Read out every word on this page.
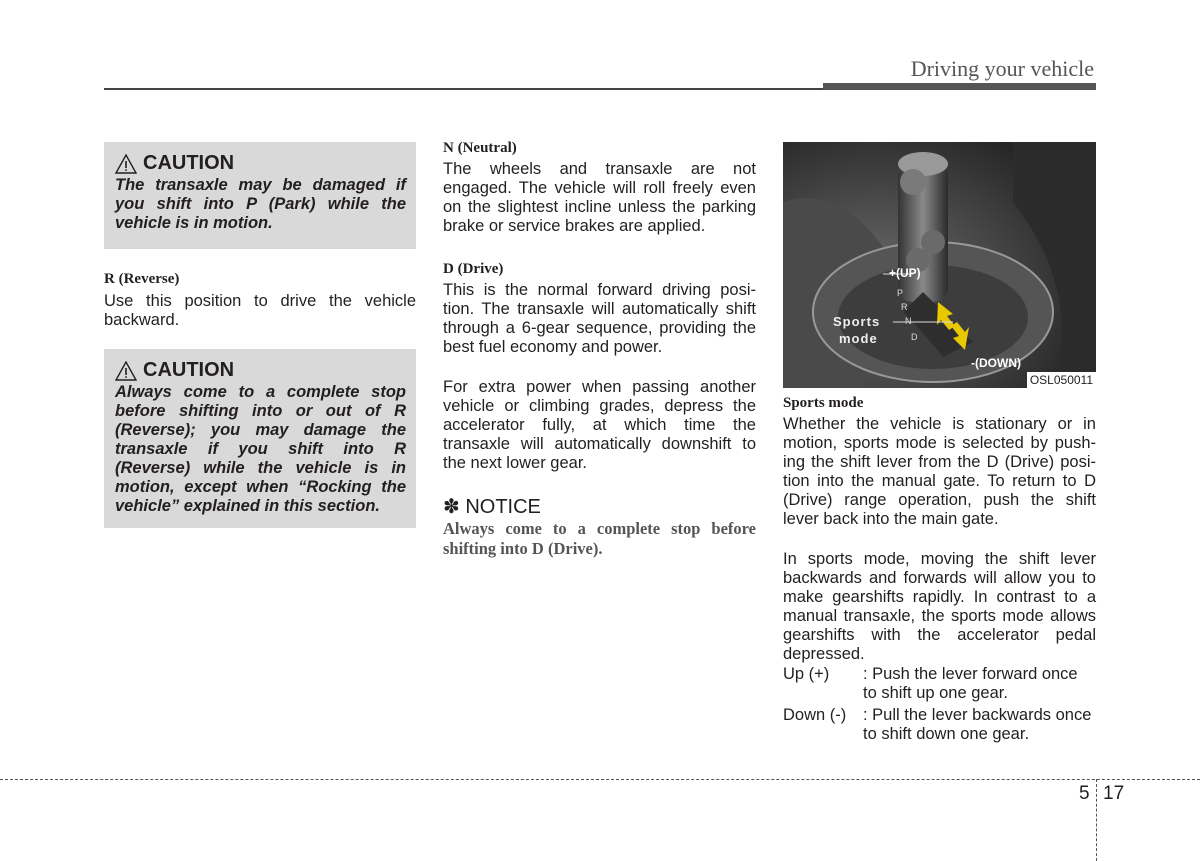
Driving your vehicle
CAUTION
The transaxle may be damaged if you shift into P (Park) while the vehicle is in motion.
R (Reverse)
Use this position to drive the vehicle backward.
CAUTION
Always come to a complete stop before shifting into or out of R (Reverse); you may damage the transaxle if you shift into R (Reverse) while the vehicle is in motion, except when “Rocking the vehicle” explained in this section.
N (Neutral)
The wheels and transaxle are not engaged. The vehicle will roll freely even on the slightest incline unless the parking brake or service brakes are applied.
D (Drive)
This is the normal forward driving posi-tion. The transaxle will automatically shift through a 6-gear sequence, providing the best fuel economy and power.
For extra power when passing another vehicle or climbing grades, depress the accelerator fully, at which time the transaxle will automatically downshift to the next lower gear.
✽ NOTICE
Always come to a complete stop before shifting into D (Drive).
+(UP)
-(DOWN)
Sports
mode
P
R
N
D
OSL050011
Sports mode
Whether the vehicle is stationary or in motion, sports mode is selected by push-ing the shift lever from the D (Drive) posi-tion into the manual gate. To return to D (Drive) range operation, push the shift lever back into the main gate.
In sports mode, moving the shift lever backwards and forwards will allow you to make gearshifts rapidly. In contrast to a manual transaxle, the sports mode allows gearshifts with the accelerator pedal depressed.
Up (+) : Push the lever forward once to shift up one gear.
Down (-) : Pull the lever backwards once to shift down one gear.
5 17
